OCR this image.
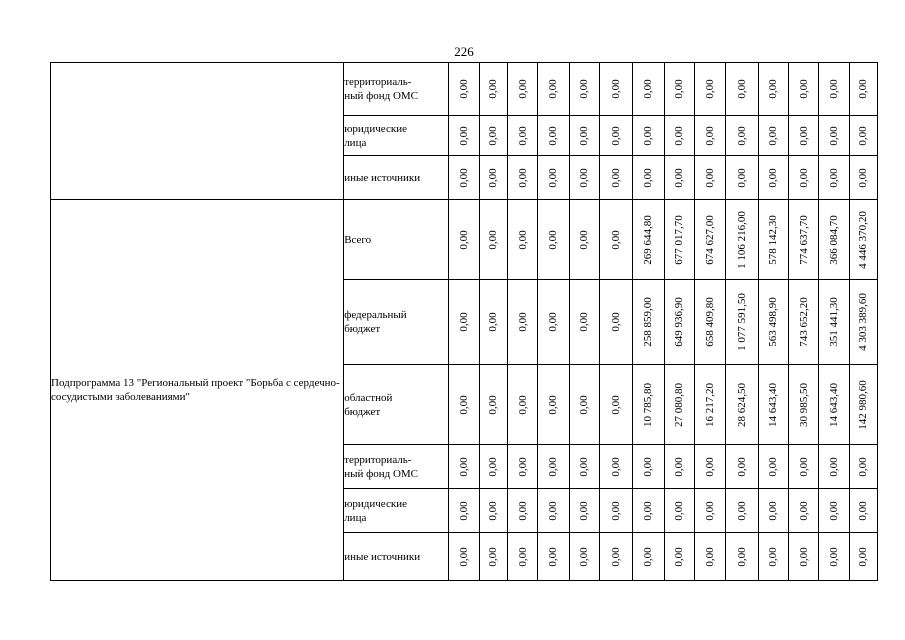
226
	территориаль-
ный фонд ОМС	0,00	0,00	0,00	0,00	0,00	0,00	0,00	0,00	0,00	0,00	0,00	0,00	0,00	0,00

	юридические
лица	0,00	0,00	0,00	0,00	0,00	0,00	0,00	0,00	0,00	0,00	0,00	0,00	0,00	0,00

	иные источники	0,00	0,00	0,00	0,00	0,00	0,00	0,00	0,00	0,00	0,00	0,00	0,00	0,00	0,00

Подпрограмма 13 "Региональный проект "Борьба с сердечно-сосудистыми заболеваниями"	Всего	0,00	0,00	0,00	0,00	0,00	0,00	269 644,80	677 017,70	674 627,00	1 106 216,00	578 142,30	774 637,70	366 084,70	4 446 370,20

	федеральный
бюджет	0,00	0,00	0,00	0,00	0,00	0,00	258 859,00	649 936,90	658 409,80	1 077 591,50	563 498,90	743 652,20	351 441,30	4 303 389,60

	областной
бюджет	0,00	0,00	0,00	0,00	0,00	0,00	10 785,80	27 080,80	16 217,20	28 624,50	14 643,40	30 985,50	14 643,40	142 980,60

	территориаль-
ный фонд ОМС	0,00	0,00	0,00	0,00	0,00	0,00	0,00	0,00	0,00	0,00	0,00	0,00	0,00	0,00

	юридические
лица	0,00	0,00	0,00	0,00	0,00	0,00	0,00	0,00	0,00	0,00	0,00	0,00	0,00	0,00

	иные источники	0,00	0,00	0,00	0,00	0,00	0,00	0,00	0,00	0,00	0,00	0,00	0,00	0,00	0,00
